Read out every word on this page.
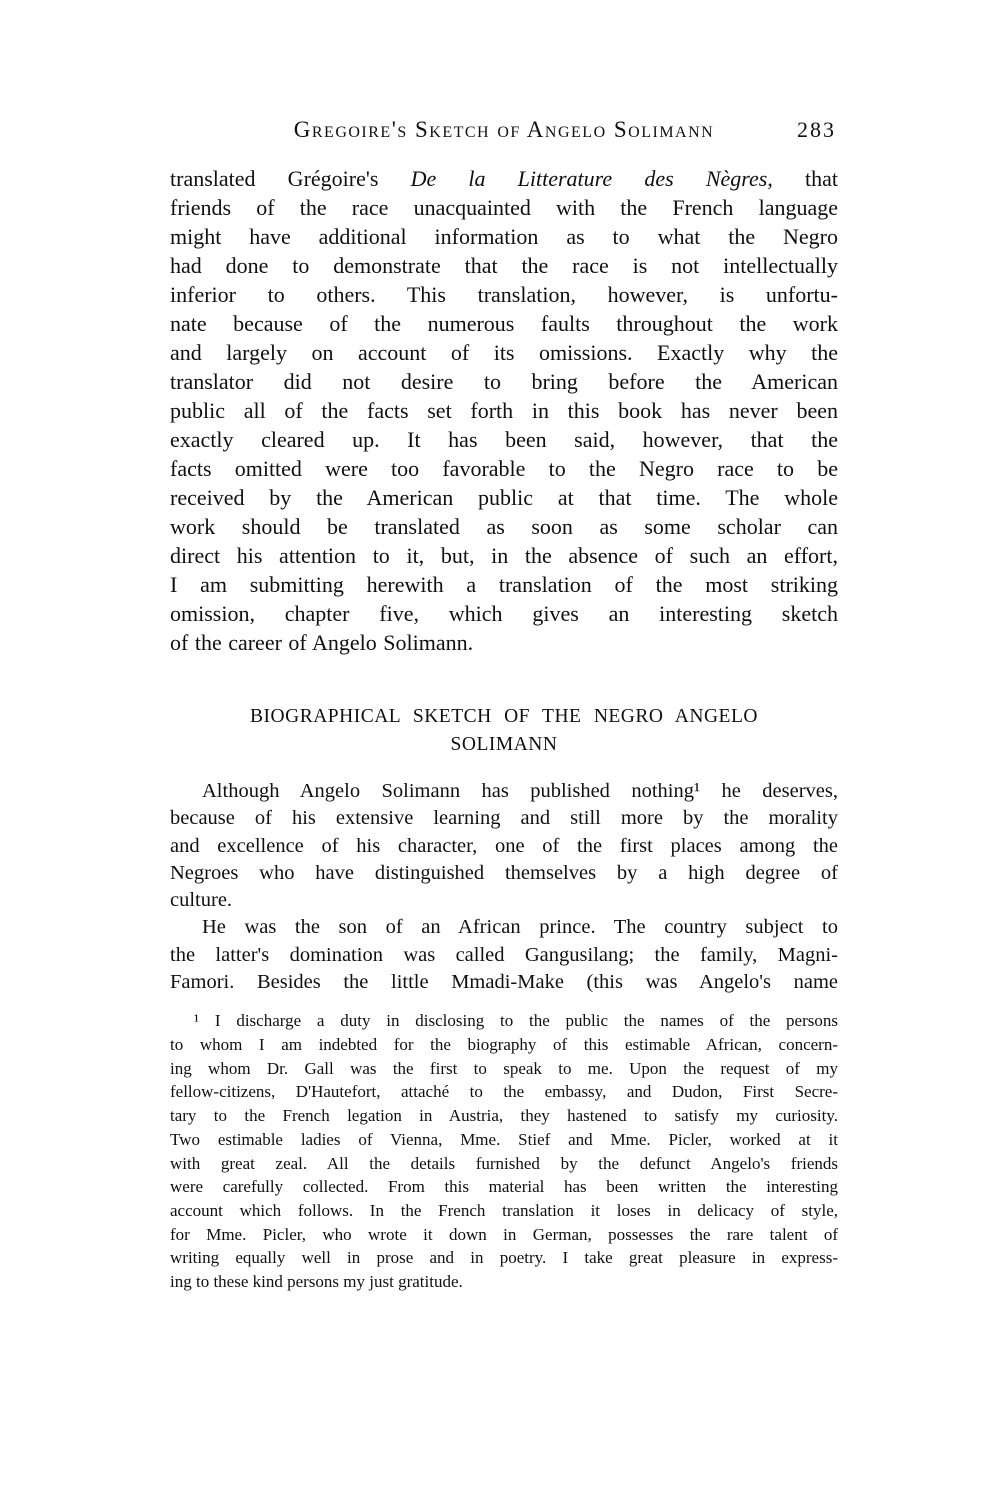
Gregoire's Sketch of Angelo Solimann	283
translated Grégoire's De la Litterature des Nègres, that
friends of the race unacquainted with the French language
might have additional information as to what the Negro
had done to demonstrate that the race is not intellectually
inferior to others. This translation, however, is unfortu-
nate because of the numerous faults throughout the work
and largely on account of its omissions. Exactly why the
translator did not desire to bring before the American
public all of the facts set forth in this book has never been
exactly cleared up. It has been said, however, that the
facts omitted were too favorable to the Negro race to be
received by the American public at that time. The whole
work should be translated as soon as some scholar can
direct his attention to it, but, in the absence of such an effort,
I am submitting herewith a translation of the most striking
omission, chapter five, which gives an interesting sketch
of the career of Angelo Solimann.
BIOGRAPHICAL SKETCH OF THE NEGRO ANGELO
SOLIMANN
Although Angelo Solimann has published nothing¹ he deserves,
because of his extensive learning and still more by the morality
and excellence of his character, one of the first places among the
Negroes who have distinguished themselves by a high degree of
culture.
He was the son of an African prince. The country subject to
the latter's domination was called Gangusilang; the family, Magni-
Famori. Besides the little Mmadi-Make (this was Angelo's name
¹ I discharge a duty in disclosing to the public the names of the persons
to whom I am indebted for the biography of this estimable African, concern-
ing whom Dr. Gall was the first to speak to me. Upon the request of my
fellow-citizens, D'Hautefort, attaché to the embassy, and Dudon, First Secre-
tary to the French legation in Austria, they hastened to satisfy my curiosity.
Two estimable ladies of Vienna, Mme. Stief and Mme. Picler, worked at it
with great zeal. All the details furnished by the defunct Angelo's friends
were carefully collected. From this material has been written the interesting
account which follows. In the French translation it loses in delicacy of style,
for Mme. Picler, who wrote it down in German, possesses the rare talent of
writing equally well in prose and in poetry. I take great pleasure in express-
ing to these kind persons my just gratitude.
